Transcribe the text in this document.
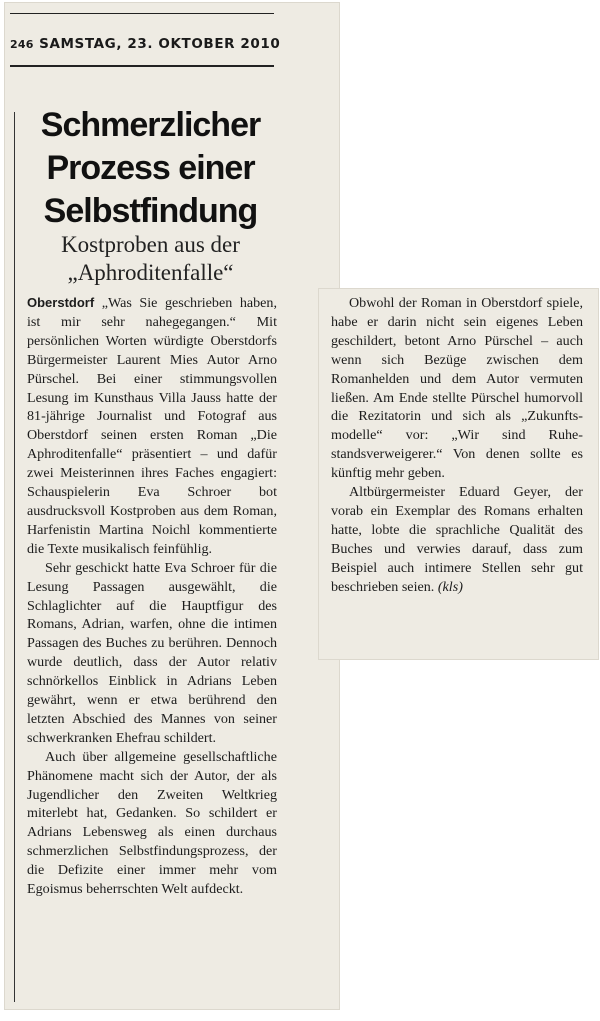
246 SAMSTAG, 23. OKTOBER 2010
Schmerzlicher Prozess einer Selbstfindung
Kostproben aus der „Aphroditenfalle“

Oberstdorf „Was Sie geschrieben haben, ist mir sehr nahegegangen.“ Mit persönlichen Worten würdigte Oberstdorfs Bürgermeister Laurent Mies Autor Arno Pürschel. Bei einer stimmungsvollen Lesung im Kunsthaus Villa Jauss hatte der 81-jährige Journalist und Fotograf aus Oberstdorf seinen ersten Roman „Die Aphroditenfalle“ präsentiert – und dafür zwei Meisterinnen ihres Faches engagiert: Schauspielerin Eva Schroer bot ausdrucksvoll Kostproben aus dem Roman, Harfenistin Martina Noichl kommentierte die Texte musikalisch feinfühlig.

Sehr geschickt hatte Eva Schroer für die Lesung Passagen ausgewählt, die Schlaglichter auf die Hauptfigur des Romans, Adrian, warfen, ohne die intimen Passagen des Buches zu berühren. Dennoch wurde deutlich, dass der Autor relativ schnörkellos Einblick in Adrians Leben gewährt, wenn er etwa berührend den letzten Abschied des Mannes von seiner schwerkranken Ehefrau schildert.

Auch über allgemeine gesellschaftliche Phänomene macht sich der Autor, der als Jugendlicher den Zweiten Weltkrieg miterlebt hat, Gedanken. So schildert er Adrians Lebensweg als einen durchaus schmerzlichen Selbstfindungsprozess, der die Defizite einer immer mehr vom Egoismus beherrschten Welt aufdeckt.

Obwohl der Roman in Oberstdorf spiele, habe er darin nicht sein eigenes Leben geschildert, betont Arno Pürschel – auch wenn sich Bezüge zwischen dem Romanhelden und dem Autor vermuten ließen. Am Ende stellte Pürschel humorvoll die Rezitatorin und sich als „Zukunftsmodelle“ vor: „Wir sind Ruhestandsverweigerer.“ Von denen sollte es künftig mehr geben.

Altbürgermeister Eduard Geyer, der vorab ein Exemplar des Romans erhalten hatte, lobte die sprachliche Qualität des Buches und verwies darauf, dass zum Beispiel auch intimere Stellen sehr gut beschrieben seien. (kls)
